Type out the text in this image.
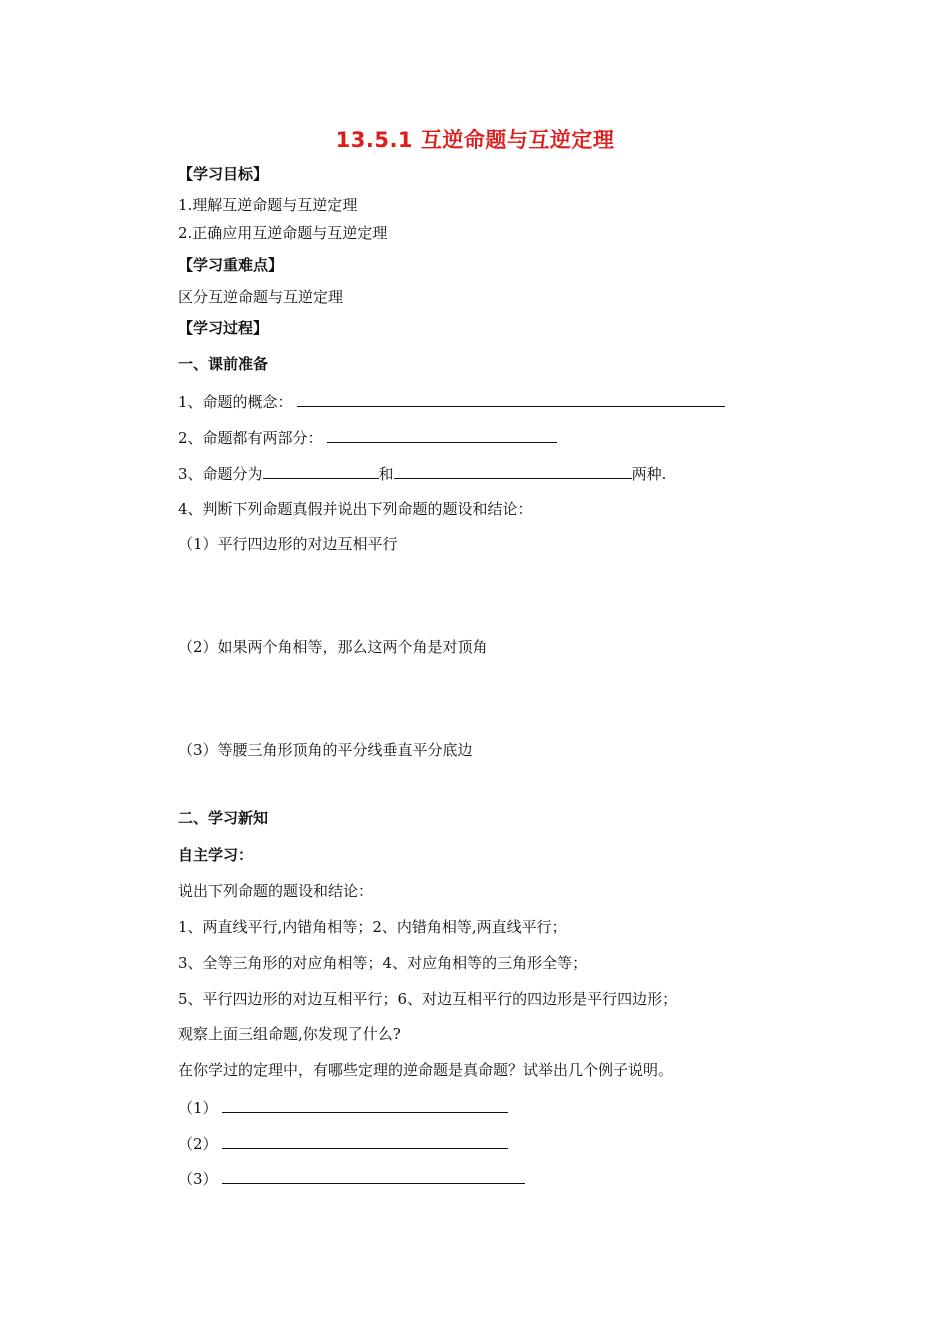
13.5.1 互逆命题与互逆定理
【学习目标】
1.理解互逆命题与互逆定理
2.正确应用互逆命题与互逆定理
【学习重难点】
区分互逆命题与互逆定理
【学习过程】
一、课前准备
1、命题的概念：
2、命题都有两部分：
3、命题分为	和	两种.
4、判断下列命题真假并说出下列命题的题设和结论：
（1）平行四边形的对边互相平行
（2）如果两个角相等，那么这两个角是对顶角
（3）等腰三角形顶角的平分线垂直平分底边
二、学习新知
自主学习：
说出下列命题的题设和结论：
1、两直线平行,内错角相等；2、内错角相等,两直线平行；
3、全等三角形的对应角相等；4、对应角相等的三角形全等；
5、平行四边形的对边互相平行；6、对边互相平行的四边形是平行四边形；
观察上面三组命题,你发现了什么?
在你学过的定理中，有哪些定理的逆命题是真命题？试举出几个例子说明。
（1）
（2）
（3）
